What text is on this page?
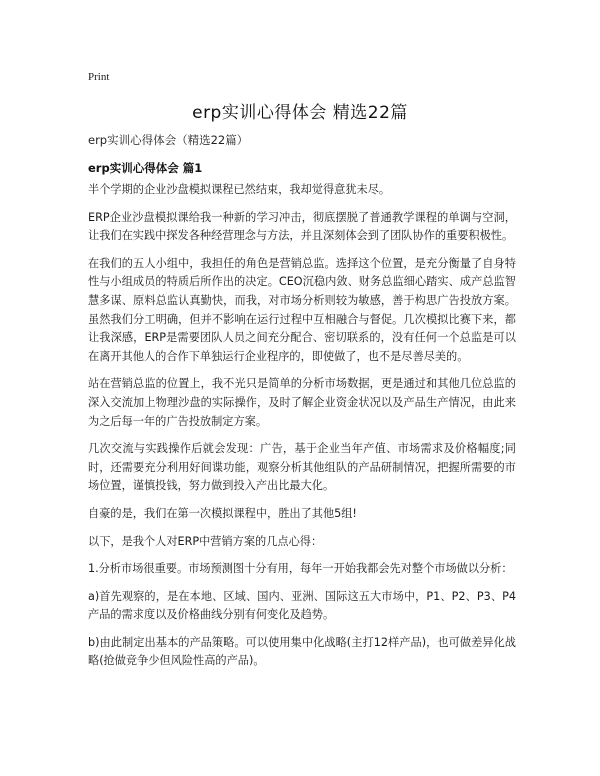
Print
erp实训心得体会 精选22篇
erp实训心得体会（精选22篇）
erp实训心得体会 篇1

半个学期的企业沙盘模拟课程已然结束，我却觉得意犹未尽。

ERP企业沙盘模拟课给我一种新的学习冲击，彻底摆脱了普通教学课程的单调与空洞，让我们在实践中探发各种经营理念与方法，并且深刻体会到了团队协作的重要积极性。

在我们的五人小组中，我担任的角色是营销总监。选择这个位置，是充分衡量了自身特性与小组成员的特质后所作出的决定。CEO沉稳内敛、财务总监细心踏实、成产总监智慧多谋、原料总监认真勤快，而我，对市场分析则较为敏感，善于构思广告投放方案。虽然我们分工明确，但并不影响在运行过程中互相融合与督促。几次模拟比赛下来，都让我深感，ERP是需要团队人员之间充分配合、密切联系的，没有任何一个总监是可以在离开其他人的合作下单独运行企业程序的，即使做了，也不是尽善尽美的。

站在营销总监的位置上，我不光只是简单的分析市场数据，更是通过和其他几位总监的深入交流加上物理沙盘的实际操作，及时了解企业资金状况以及产品生产情况，由此来为之后每一年的广告投放制定方案。

几次交流与实践操作后就会发现：广告，基于企业当年产值、市场需求及价格幅度;同时，还需要充分利用好间谍功能，观察分析其他组队的产品研制情况，把握所需要的市场位置，谨慎投钱，努力做到投入产出比最大化。

自豪的是，我们在第一次模拟课程中，胜出了其他5组!

以下，是我个人对ERP中营销方案的几点心得：

1.分析市场很重要。市场预测图十分有用，每年一开始我都会先对整个市场做以分析：

a)首先观察的，是在本地、区域、国内、亚洲、国际这五大市场中，P1、P2、P3、P4产品的需求度以及价格曲线分别有何变化及趋势。

b)由此制定出基本的产品策略。可以使用集中化战略(主打12样产品)，也可做差异化战略(抢做竞争少但风险性高的产品)。
